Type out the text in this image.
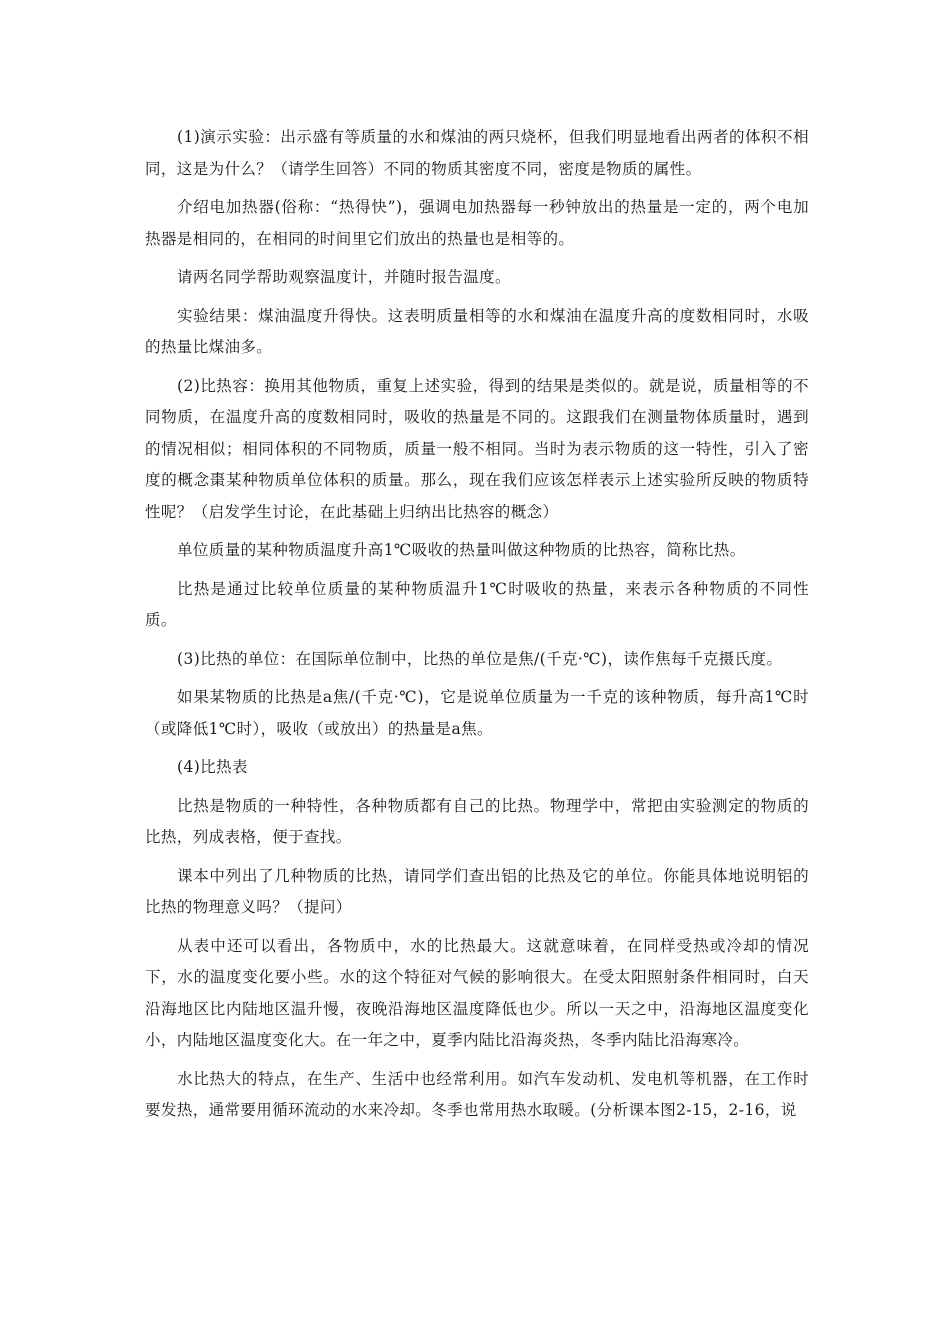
(1)演示实验：出示盛有等质量的水和煤油的两只烧杯，但我们明显地看出两者的体积不相同，这是为什么？（请学生回答）不同的物质其密度不同，密度是物质的属性。

介绍电加热器(俗称：“热得快”)，强调电加热器每一秒钟放出的热量是一定的，两个电加热器是相同的，在相同的时间里它们放出的热量也是相等的。

请两名同学帮助观察温度计，并随时报告温度。

实验结果：煤油温度升得快。这表明质量相等的水和煤油在温度升高的度数相同时，水吸的热量比煤油多。

(2)比热容：换用其他物质，重复上述实验，得到的结果是类似的。就是说，质量相等的不同物质，在温度升高的度数相同时，吸收的热量是不同的。这跟我们在测量物体质量时，遇到的情况相似；相同体积的不同物质，质量一般不相同。当时为表示物质的这一特性，引入了密度的概念棗某种物质单位体积的质量。那么，现在我们应该怎样表示上述实验所反映的物质特性呢？（启发学生讨论，在此基础上归纳出比热容的概念）

单位质量的某种物质温度升高1℃吸收的热量叫做这种物质的比热容，简称比热。

比热是通过比较单位质量的某种物质温升1℃时吸收的热量，来表示各种物质的不同性质。

(3)比热的单位：在国际单位制中，比热的单位是焦/(千克·℃)，读作焦每千克摄氏度。

如果某物质的比热是a焦/(千克·℃)，它是说单位质量为一千克的该种物质，每升高1℃时（或降低1℃时），吸收（或放出）的热量是a焦。

(4)比热表

比热是物质的一种特性，各种物质都有自己的比热。物理学中，常把由实验测定的物质的比热，列成表格，便于查找。

课本中列出了几种物质的比热，请同学们查出铝的比热及它的单位。你能具体地说明铝的比热的物理意义吗？（提问）

从表中还可以看出，各物质中，水的比热最大。这就意味着，在同样受热或冷却的情况下，水的温度变化要小些。水的这个特征对气候的影响很大。在受太阳照射条件相同时，白天沿海地区比内陆地区温升慢，夜晚沿海地区温度降低也少。所以一天之中，沿海地区温度变化小，内陆地区温度变化大。在一年之中，夏季内陆比沿海炎热，冬季内陆比沿海寒冷。

水比热大的特点，在生产、生活中也经常利用。如汽车发动机、发电机等机器，在工作时要发热，通常要用循环流动的水来冷却。冬季也常用热水取暖。(分析课本图2-15，2-16，说
